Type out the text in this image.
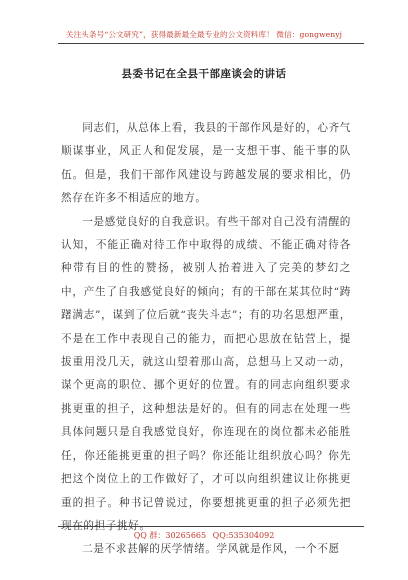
关注头条号“公文研究”，获得最新最全最专业的公文资料库！ 微信：gongwenyj
县委书记在全县干部座谈会的讲话

同志们，从总体上看，我县的干部作风是好的，心齐气顺谋事业，风正人和促发展，是一支想干事、能干事的队伍。但是，我们干部作风建设与跨越发展的要求相比，仍然存在许多不相适应的地方。

一是感觉良好的自我意识。有些干部对自己没有清醒的认知，不能正确对待工作中取得的成绩、不能正确对待各种带有目的性的赞扬，被别人抬着进入了完美的梦幻之中，产生了自我感觉良好的倾向；有的干部在某其位时“踌躇满志”，谋到了位后就“丧失斗志”；有的功名思想严重，不是在工作中表现自己的能力，而把心思放在钻营上，提拔重用没几天，就这山望着那山高，总想马上又动一动，谋个更高的职位、挪个更好的位置。有的同志向组织要求挑更重的担子，这种想法是好的。但有的同志在处理一些具体问题只是自我感觉良好，你连现在的岗位都未必能胜任，你还能挑更重的担子吗？你还能让组织放心吗？你先把这个岗位上的工作做好了，才可以向组织建议让你挑更重的担子。种书记曾说过，你要想挑更重的担子必须先把现在的担子挑好。

二是不求甚解的厌学情绪。学风就是作风，一个不愿

QQ 群：30265665 QQ:535304092
